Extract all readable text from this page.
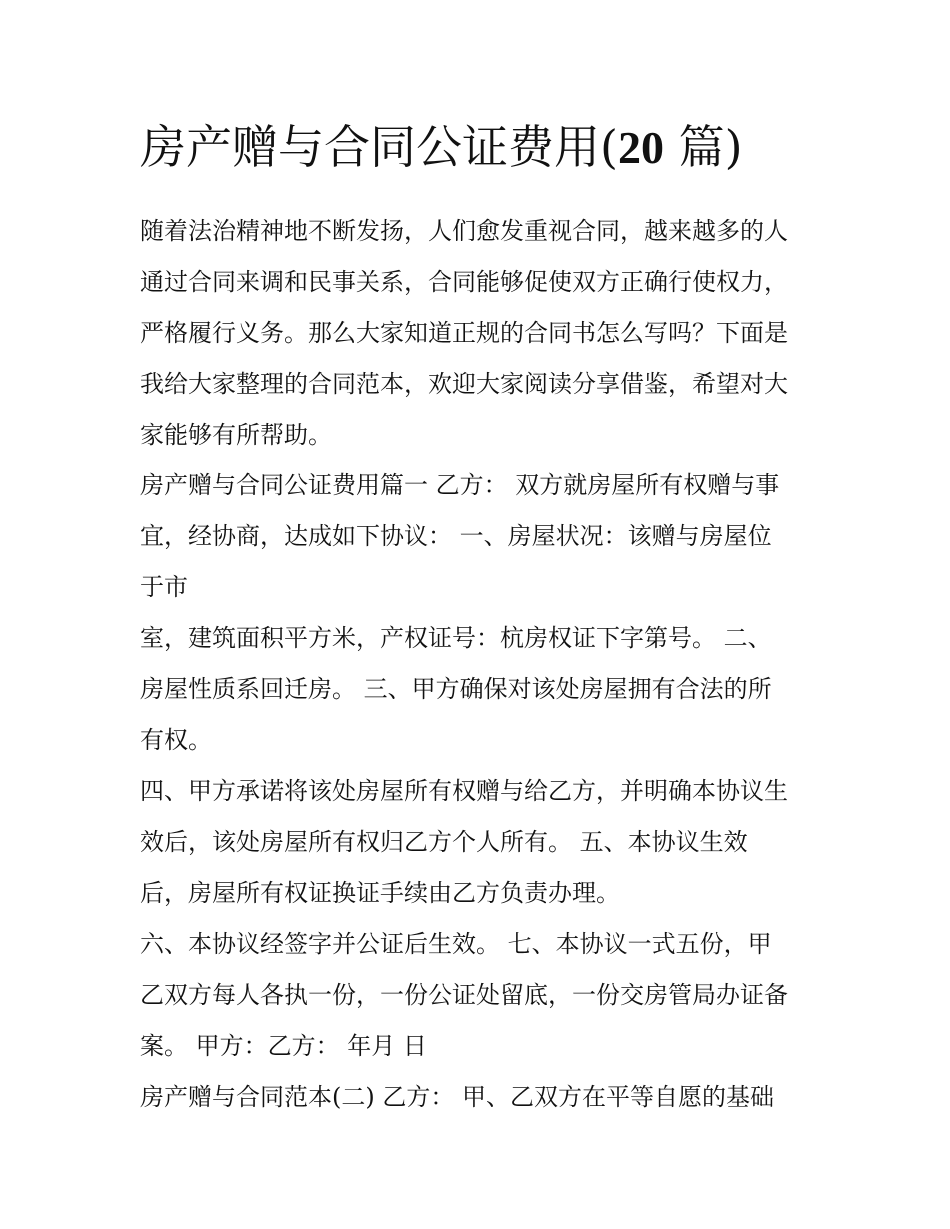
房产赠与合同公证费用(20 篇)

随着法治精神地不断发扬，人们愈发重视合同，越来越多的人
通过合同来调和民事关系，合同能够促使双方正确行使权力，
严格履行义务。那么大家知道正规的合同书怎么写吗？下面是
我给大家整理的合同范本，欢迎大家阅读分享借鉴，希望对大
家能够有所帮助。

房产赠与合同公证费用篇一 乙方： 双方就房屋所有权赠与事
宜，经协商，达成如下协议： 一、房屋状况：该赠与房屋位
于市

室，建筑面积平方米，产权证号：杭房权证下字第号。 二、
房屋性质系回迁房。 三、甲方确保对该处房屋拥有合法的所
有权。

四、甲方承诺将该处房屋所有权赠与给乙方，并明确本协议生
效后，该处房屋所有权归乙方个人所有。 五、本协议生效
后，房屋所有权证换证手续由乙方负责办理。

六、本协议经签字并公证后生效。 七、本协议一式五份，甲
乙双方每人各执一份，一份公证处留底，一份交房管局办证备
案。 甲方：乙方： 年月 日

房产赠与合同范本(二) 乙方： 甲、乙双方在平等自愿的基础
